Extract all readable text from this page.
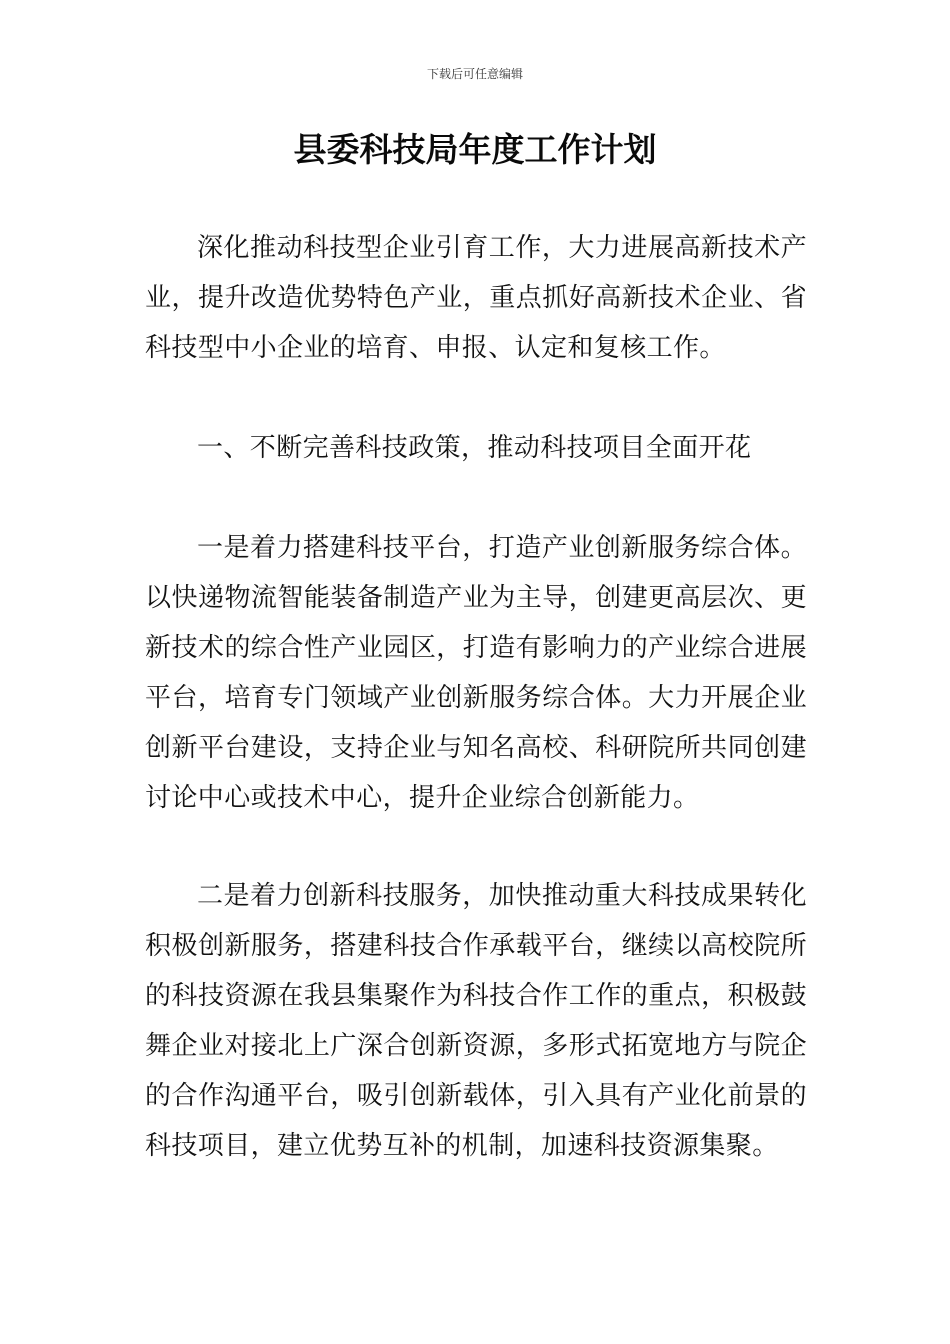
下载后可任意编辑
县委科技局年度工作计划

深化推动科技型企业引育工作，大力进展高新技术产业，提升改造优势特色产业，重点抓好高新技术企业、省科技型中小企业的培育、申报、认定和复核工作。

一、不断完善科技政策，推动科技项目全面开花

一是着力搭建科技平台，打造产业创新服务综合体。以快递物流智能装备制造产业为主导，创建更高层次、更新技术的综合性产业园区，打造有影响力的产业综合进展平台，培育专门领域产业创新服务综合体。大力开展企业创新平台建设，支持企业与知名高校、科研院所共同创建讨论中心或技术中心，提升企业综合创新能力。

二是着力创新科技服务，加快推动重大科技成果转化积极创新服务，搭建科技合作承载平台，继续以高校院所的科技资源在我县集聚作为科技合作工作的重点，积极鼓舞企业对接北上广深合创新资源，多形式拓宽地方与院企的合作沟通平台，吸引创新载体，引入具有产业化前景的科技项目，建立优势互补的机制，加速科技资源集聚。
